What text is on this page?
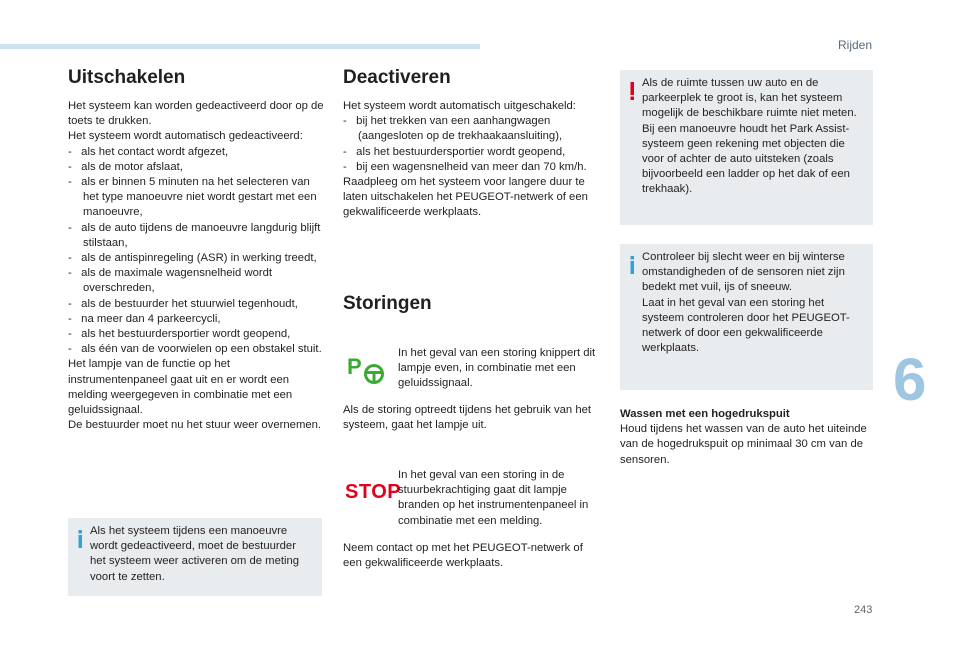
Rijden
6
243
Uitschakelen

Het systeem kan worden gedeactiveerd door op de toets te drukken.

Het systeem wordt automatisch gedeactiveerd:

-   als het contact wordt afgezet,

-   als de motor afslaat,

-   als er binnen 5 minuten na het selecteren van het type manoeuvre niet wordt gestart met een manoeuvre,

-   als de auto tijdens de manoeuvre langdurig blijft stilstaan,

-   als de antispinregeling (ASR) in werking treedt,

-   als de maximale wagensnelheid wordt overschreden,

-   als de bestuurder het stuurwiel tegenhoudt,

-   na meer dan 4 parkeercycli,

-   als het bestuurdersportier wordt geopend,

-   als één van de voorwielen op een obstakel stuit.

Het lampje van de functie op het instrumentenpaneel gaat uit en er wordt een melding weergegeven in combinatie met een geluidssignaal.

De bestuurder moet nu het stuur weer overnemen.

Als het systeem tijdens een manoeuvre wordt gedeactiveerd, moet de bestuurder het systeem weer activeren om de meting voort te zetten.

Deactiveren

Het systeem wordt automatisch uitgeschakeld:

-   bij het trekken van een aanhangwagen (aangesloten op de trekhaakaansluiting),

-   als het bestuurdersportier wordt geopend,

-   bij een wagensnelheid van meer dan 70 km/h.

Raadpleeg om het systeem voor langere duur te laten uitschakelen het PEUGEOT-netwerk of een gekwalificeerde werkplaats.

Storingen
P

In het geval van een storing knippert dit lampje even, in combinatie met een geluidssignaal.

Als de storing optreedt tijdens het gebruik van het systeem, gaat het lampje uit.

STOP

In het geval van een storing in de stuurbekrachtiging gaat dit lampje branden op het instrumentenpaneel in combinatie met een melding.

Neem contact op met het PEUGEOT-netwerk of een gekwalificeerde werkplaats.

Als de ruimte tussen uw auto en de parkeerplek te groot is, kan het systeem mogelijk de beschikbare ruimte niet meten.

Bij een manoeuvre houdt het Park Assist-systeem geen rekening met objecten die voor of achter de auto uitsteken (zoals bijvoorbeeld een ladder op het dak of een trekhaak).

Controleer bij slecht weer en bij winterse omstandigheden of de sensoren niet zijn bedekt met vuil, ijs of sneeuw.

Laat in het geval van een storing het systeem controleren door het PEUGEOT-netwerk of door een gekwalificeerde werkplaats.

Wassen met een hogedrukspuit

Houd tijdens het wassen van de auto het uiteinde van de hogedrukspuit op minimaal 30 cm van de sensoren.
